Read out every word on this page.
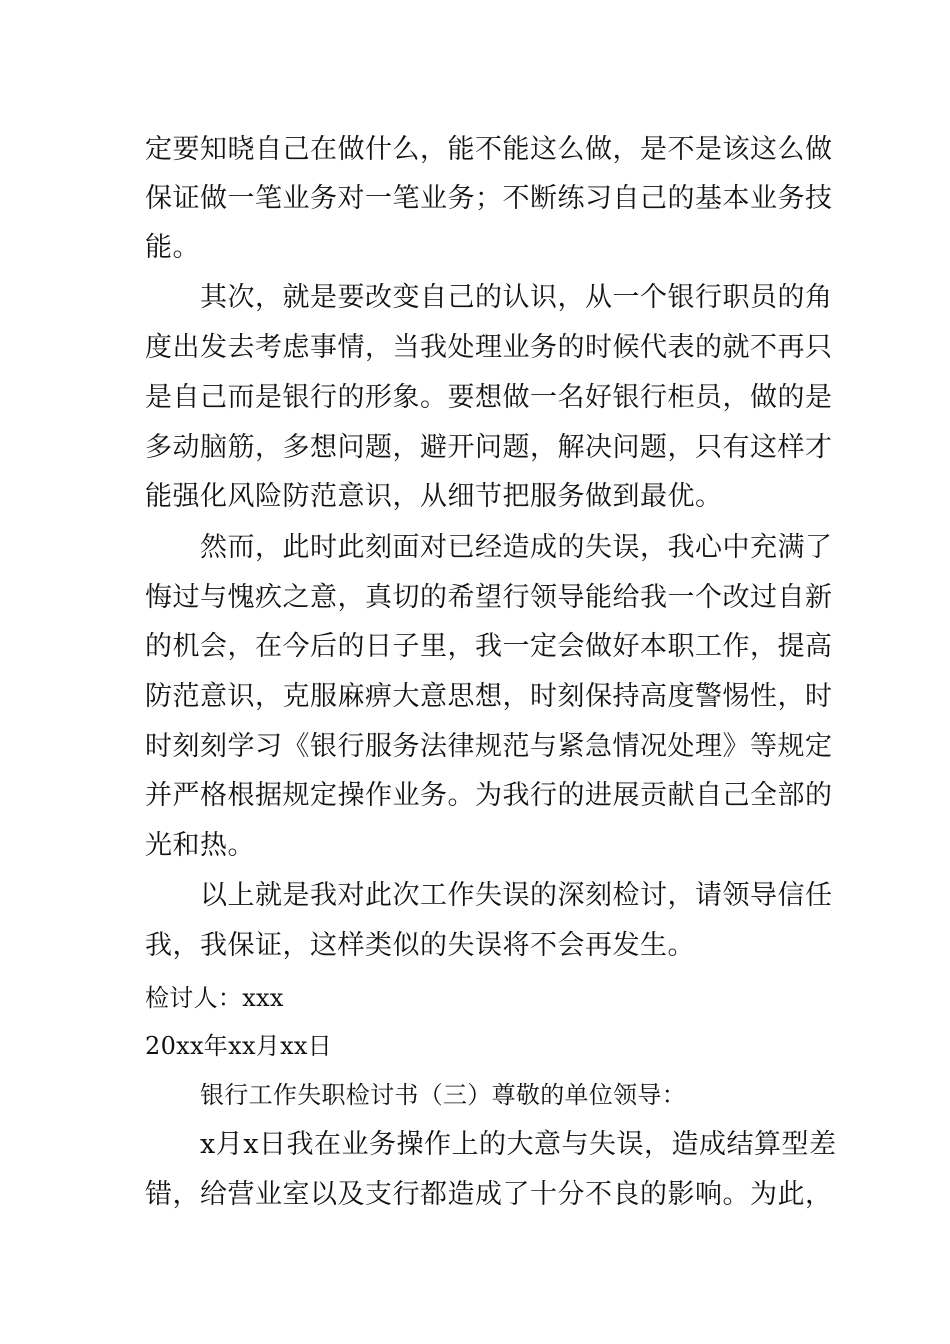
定要知晓自己在做什么，能不能这么做，是不是该这么做
保证做一笔业务对一笔业务；不断练习自己的基本业务技
能。
其次，就是要改变自己的认识，从一个银行职员的角
度出发去考虑事情，当我处理业务的时候代表的就不再只
是自己而是银行的形象。要想做一名好银行柜员，做的是
多动脑筋，多想问题，避开问题，解决问题，只有这样才
能强化风险防范意识，从细节把服务做到最优。
然而，此时此刻面对已经造成的失误，我心中充满了
悔过与愧疚之意，真切的希望行领导能给我一个改过自新
的机会，在今后的日子里，我一定会做好本职工作，提高
防范意识，克服麻痹大意思想，时刻保持高度警惕性，时
时刻刻学习《银行服务法律规范与紧急情况处理》等规定
并严格根据规定操作业务。为我行的进展贡献自己全部的
光和热。
以上就是我对此次工作失误的深刻检讨，请领导信任
我，我保证，这样类似的失误将不会再发生。
检讨人：xxx
20xx年xx月xx日
银行工作失职检讨书（三）尊敬的单位领导：
x月x日我在业务操作上的大意与失误，造成结算型差
错，给营业室以及支行都造成了十分不良的影响。为此，
